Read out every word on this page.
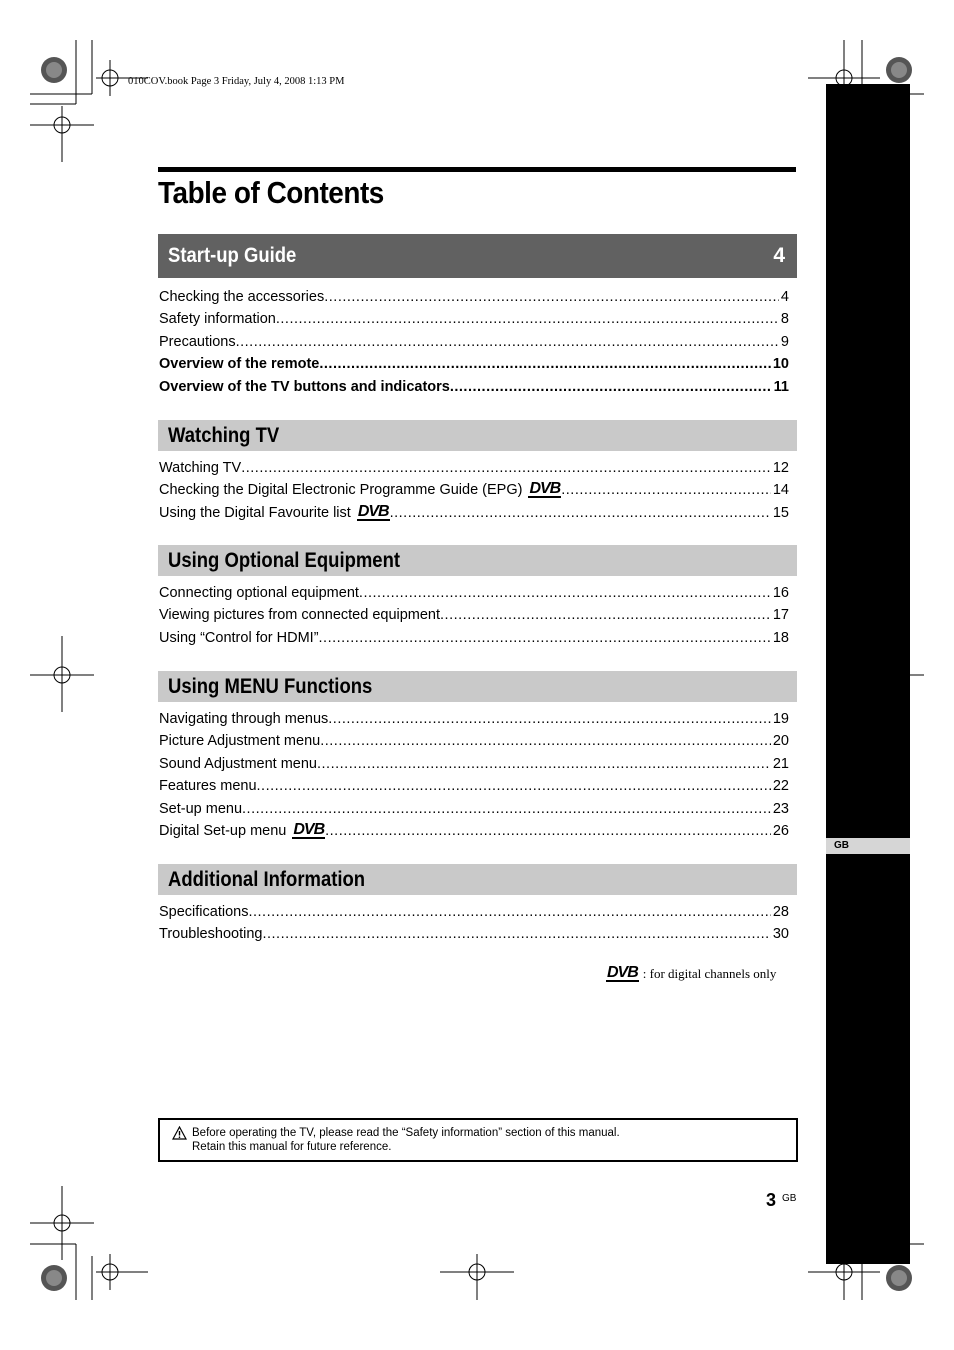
010COV.book Page 3 Friday, July 4, 2008 1:13 PM
GB
Table of Contents
Start-up Guide	4
Checking the accessories .....	4
Safety information .....	8
Precautions .....	9
Overview of the remote .....	10
Overview of the TV buttons and indicators .....	11
Watching TV
Watching TV .....	12
Checking the Digital Electronic Programme Guide (EPG) DVB .....	14
Using the Digital Favourite list DVB .....	15
Using Optional Equipment
Connecting optional equipment .....	16
Viewing pictures from connected equipment .....	17
Using “Control for HDMI” .....	18
Using MENU Functions
Navigating through menus .....	19
Picture Adjustment menu .....	20
Sound Adjustment menu .....	21
Features menu .....	22
Set-up menu .....	23
Digital Set-up menu DVB .....	26
Additional Information
Specifications .....	28
Troubleshooting .....	30
DVB : for digital channels only
Before operating the TV, please read the “Safety information” section of this manual.
Retain this manual for future reference.
3 GB
